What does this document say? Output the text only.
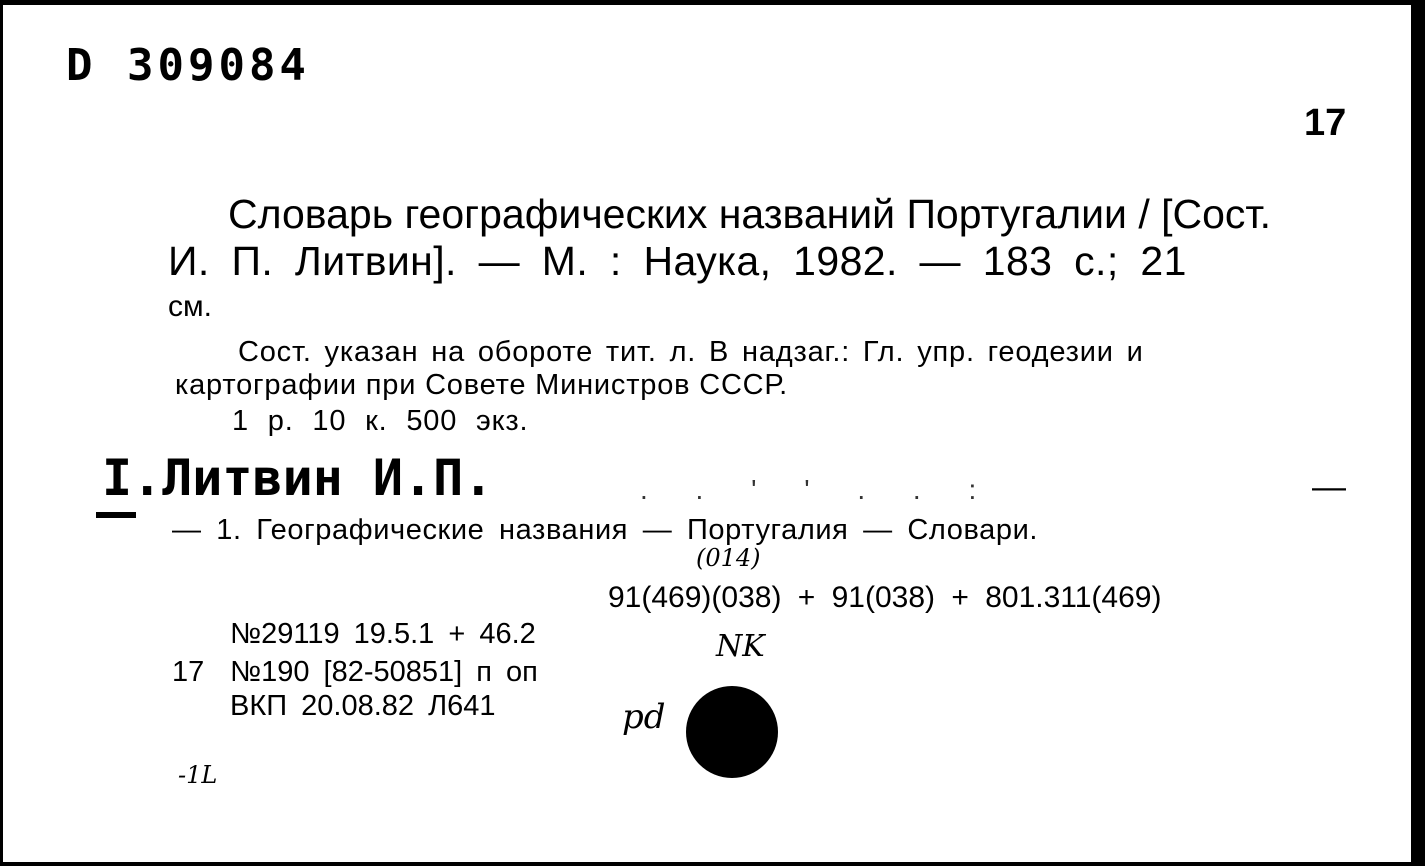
D 309084
17
Словарь географических названий Португалии / [Сост.
И. П. Литвин]. — М. : Наука, 1982. — 183 с.; 21
см.
Сост. указан на обороте тит. л. В надзаг.: Гл. упр. геодезии и
картографии при Совете Министров СССР.
1 р. 10 к. 500 экз.
I.Литвин И.П.	. . ' ' . . :	—
— 1. Географические названия — Португалия — Словари.
(014)
91(469)(038) + 91(038) + 801.311(469)
№29119 19.5.1 + 46.2
17 №190 [82-50851] п оп
ВКП 20.08.82 Л641
NK
pd
-1L
